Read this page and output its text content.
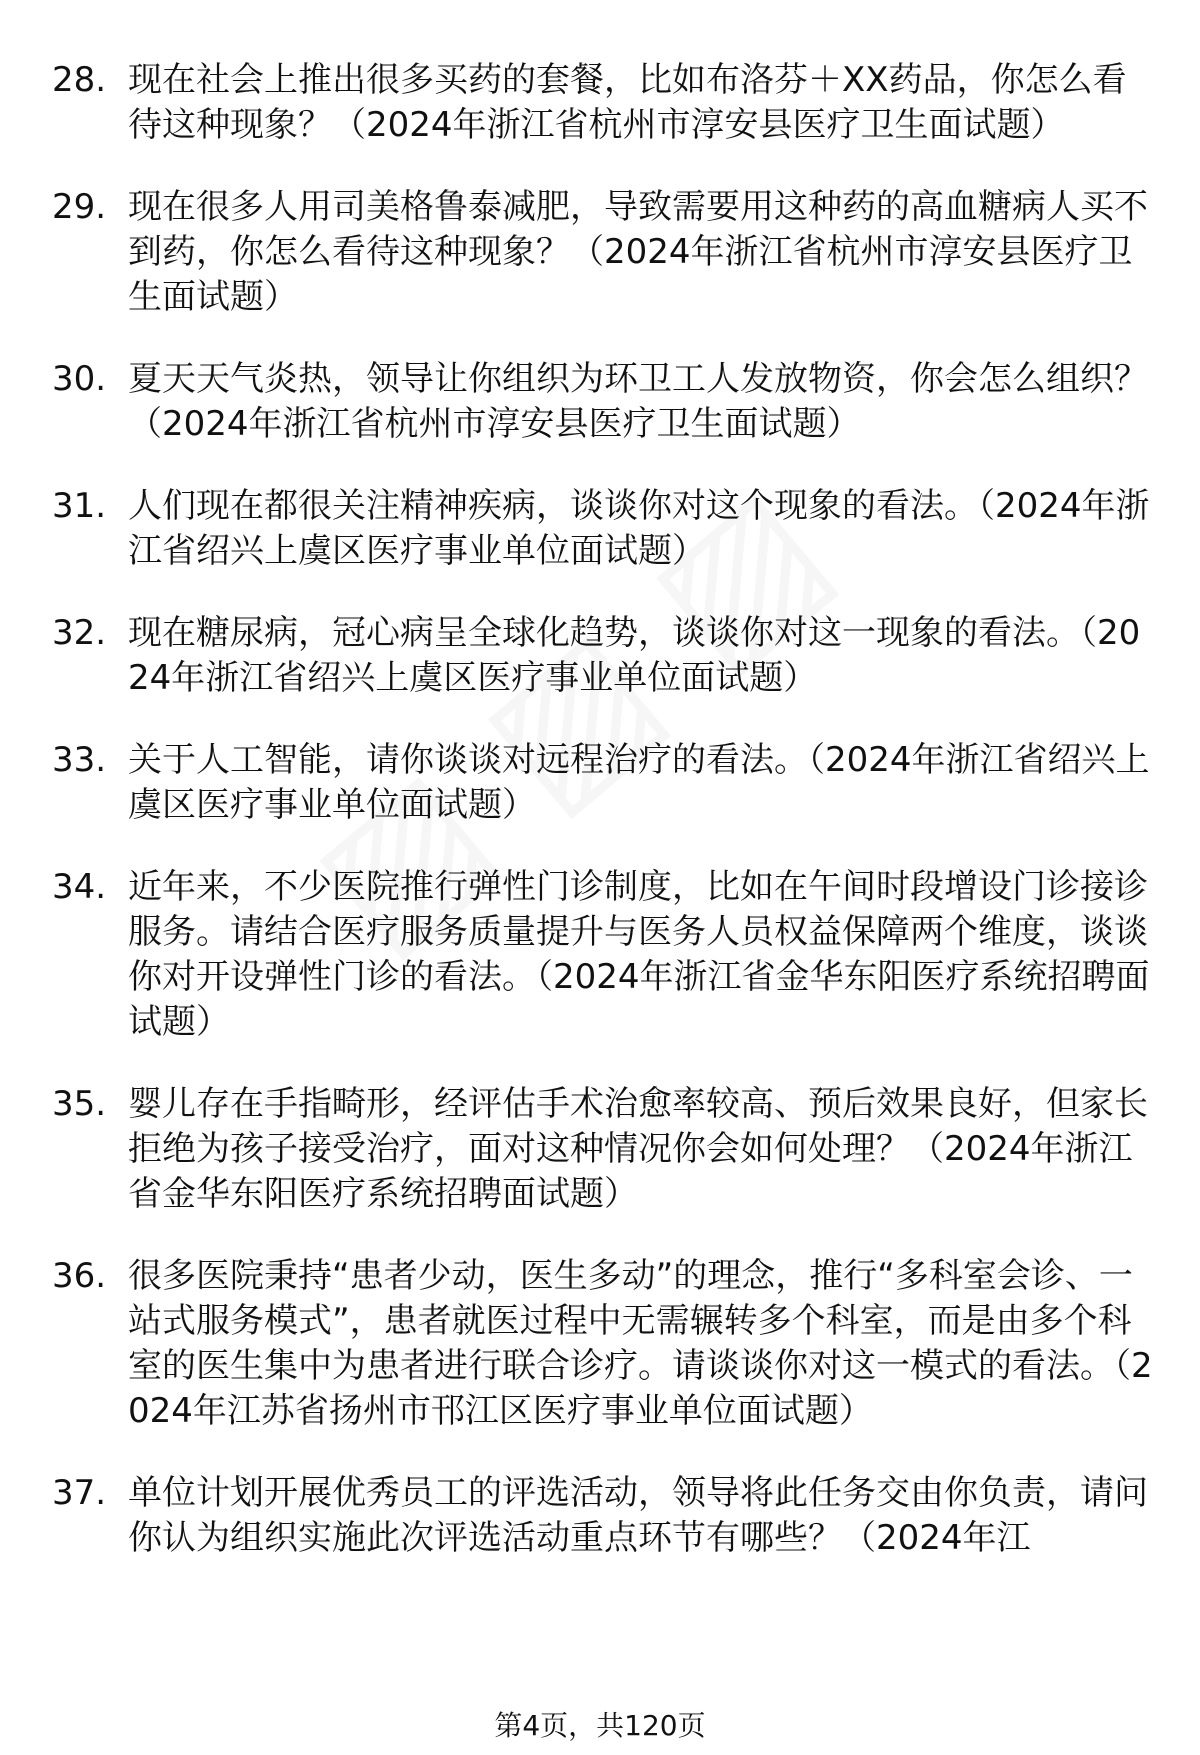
28. 现在社会上推出很多买药的套餐，比如布洛芬＋XX药品，你怎么看待这种现象？（2024年浙江省杭州市淳安县医疗卫生面试题）
29. 现在很多人用司美格鲁泰减肥，导致需要用这种药的高血糖病人买不到药，你怎么看待这种现象？（2024年浙江省杭州市淳安县医疗卫生面试题）
30. 夏天天气炎热，领导让你组织为环卫工人发放物资，你会怎么组织？（2024年浙江省杭州市淳安县医疗卫生面试题）
31. 人们现在都很关注精神疾病，谈谈你对这个现象的看法。（2024年浙江省绍兴上虞区医疗事业单位面试题）
32. 现在糖尿病，冠心病呈全球化趋势，谈谈你对这一现象的看法。（2024年浙江省绍兴上虞区医疗事业单位面试题）
33. 关于人工智能，请你谈谈对远程治疗的看法。（2024年浙江省绍兴上虞区医疗事业单位面试题）
34. 近年来，不少医院推行弹性门诊制度，比如在午间时段增设门诊接诊服务。请结合医疗服务质量提升与医务人员权益保障两个维度，谈谈你对开设弹性门诊的看法。（2024年浙江省金华东阳医疗系统招聘面试题）
35. 婴儿存在手指畸形，经评估手术治愈率较高、预后效果良好，但家长拒绝为孩子接受治疗，面对这种情况你会如何处理？（2024年浙江省金华东阳医疗系统招聘面试题）
36. 很多医院秉持“患者少动，医生多动”的理念，推行“多科室会诊、一站式服务模式”，患者就医过程中无需辗转多个科室，而是由多个科室的医生集中为患者进行联合诊疗。请谈谈你对这一模式的看法。（2024年江苏省扬州市邗江区医疗事业单位面试题）
37. 单位计划开展优秀员工的评选活动，领导将此任务交由你负责，请问你认为组织实施此次评选活动重点环节有哪些？（2024年江
第4页，共120页
